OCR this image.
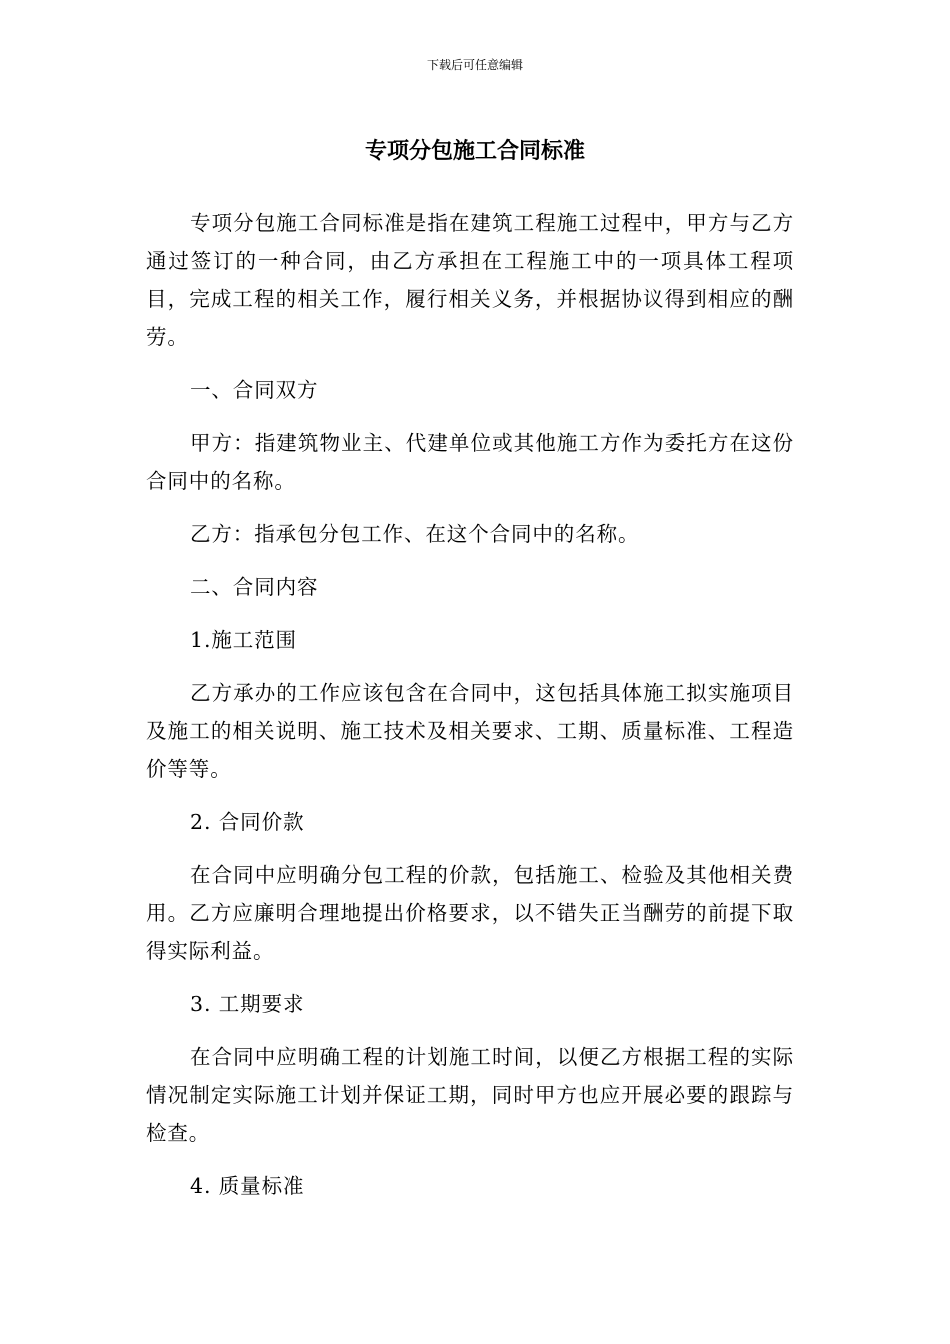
下载后可任意编辑
专项分包施工合同标准

专项分包施工合同标准是指在建筑工程施工过程中，甲方与乙方通过签订的一种合同，由乙方承担在工程施工中的一项具体工程项目，完成工程的相关工作，履行相关义务，并根据协议得到相应的酬劳。

一、合同双方

甲方：指建筑物业主、代建单位或其他施工方作为委托方在这份合同中的名称。

乙方：指承包分包工作、在这个合同中的名称。

二、合同内容

1.施工范围

乙方承办的工作应该包含在合同中，这包括具体施工拟实施项目及施工的相关说明、施工技术及相关要求、工期、质量标准、工程造价等等。

2. 合同价款

在合同中应明确分包工程的价款，包括施工、检验及其他相关费用。乙方应廉明合理地提出价格要求，以不错失正当酬劳的前提下取得实际利益。

3. 工期要求

在合同中应明确工程的计划施工时间，以便乙方根据工程的实际情况制定实际施工计划并保证工期，同时甲方也应开展必要的跟踪与检查。

4. 质量标准
